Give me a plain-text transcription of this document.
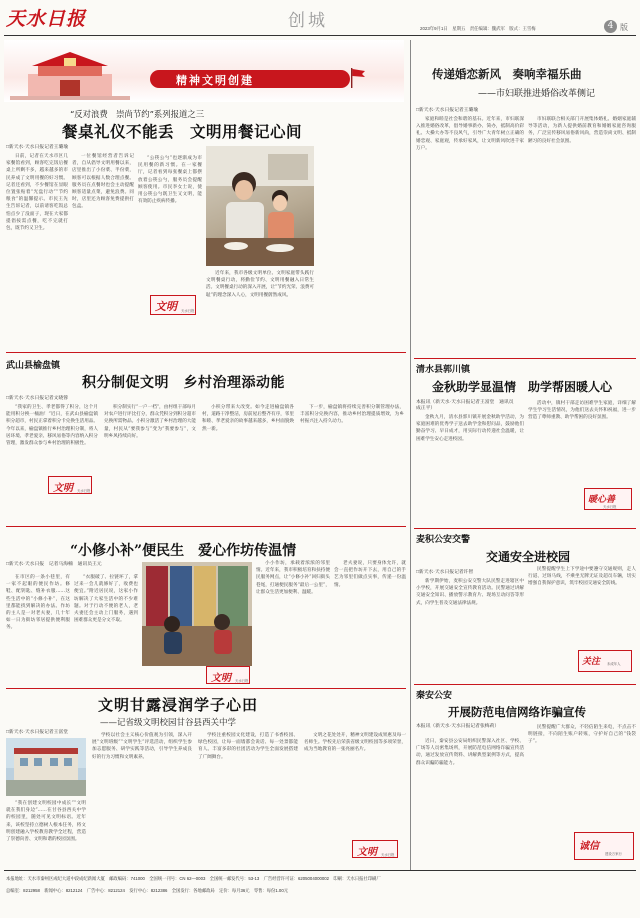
天水日报	创城	2023年9月1日　星期五　责任编辑：魏武军　版式：王雪梅	4 版
精神文明创建
“反对浪费　崇尚节约”系列报道之三
餐桌礼仪不能丢　文明用餐记心间
□新天水·天水日报记者王璐瑜

日前，记者在天水市区几家餐馆看到，顾客吃完饭后餐桌上所剩不多，越来越多的市民养成了文明用餐的好习惯。记者还看到，不少餐馆在显眼位置张贴着“光盘行动”“节约粮食”的温馨提示。市民王先生告诉记者，以前请客吃饭总怕点少了没面子，现在大家都提倡按需点餐，吃不完就打包，既节约又卫生。

一位餐馆经营者告诉记者，自从倡导文明用餐以来，店里推出了小份菜、半份菜，顾客可以根据人数合理点餐。服务员在点餐时也会主动提醒顾客适量点菜，避免浪费。同时，店里还为顾客免费提供打包盒。

“公筷公勺”也逐渐成为市民用餐的新习惯。在一家餐厅，记者看到每张餐桌上都摆放着公筷公勺，服务员会提醒顾客使用。市民李女士说，使用公筷公勺既卫生又文明，能有效防止疾病传播。

近年来，我市各级文明单位、文明家庭带头践行文明餐桌行动，将勤俭节约、文明用餐融入日常生活。文明餐桌行动的深入开展，让“节约光荣、浪费可耻”的理念深入人心，文明用餐蔚然成风。

文明 天水日报
传递婚恋新风　奏响幸福乐曲
——市妇联推进婚俗改革侧记
□新天水·天水日报记者王璐瑜

家庭和睦是社会和谐的基石。近年来，市妇联深入推进婚俗改革，倡导婚事新办、简办，抵制高价彩礼、大操大办等不良风气，引导广大青年树立正确的婚恋观、家庭观，传承好家风，让文明新风吹进千家万户。

市妇联联合相关部门开展集体婚礼、婚姻家庭辅导等活动，为新人提供婚前教育和婚姻家庭咨询服务，广泛宣传移风易俗新风尚，营造崇尚文明、抵制陋习的良好社会氛围。

武山县榆盘镇
积分制促文明　乡村治理添动能
□新天水·天水日报记者文晓蓉

“我家的卫生、孝老都得了积分，这个月能用积分换一桶油！”近日，在武山县榆盘镇积分超市，村民正拿着积分卡兑换生活用品。今年以来，榆盘镇推行乡村治理积分制，将人居环境、孝老爱亲、移风易俗等内容纳入积分管理，激发群众参与乡村治理的积极性。

积分制实行“一户一档”，由村组干部每月对农户进行评比打分，群众凭积分到积分超市兑换所需物品。小积分激活了乡村治理的大能量，村民从“要我参与”变为“我要参与”，文明乡风持续向好。

小积分带来大改变。如今走进榆盘镇各村，道路干净整洁，房前屋后整齐有序，邻里和睦、孝老爱亲的故事越来越多，乡村面貌焕然一新。

下一步，榆盘镇将持续完善积分制管理办法，丰富积分兑换内容，推动乡村治理提质增效，为乡村振兴注入持久动力。

文明 天水日报
“小修小补”便民生　爱心作坊传温情
□新天水·天水日报　记者马海楠　通讯员王元

在市区的一条小巷里，有一家不起眼的便民作坊。修鞋、配钥匙、缝补衣服……这些生活中的“小修小补”，在这里都能找到解决的办法。作坊的主人是一对老夫妻，几十年如一日为街坊邻居提供便利服务。

“衣服破了、拉链坏了，拿过来一会儿就修好了，收费也便宜。”附近居民说，这家小作坊解决了大家生活中的不少难题。对于行动不便的老人，老夫妻还会主动上门服务，遇到困难群众更是分文不取。

小小作坊，承载着浓浓的邻里情。近年来，我市积极培育和扶持便民服务网点，让“小修小补”回归街头巷尾，打通便民服务“最后一公里”，让群众生活更加便利、温暖。

老夫妻说，只要身体允许，就会一直把作坊开下去，用自己的手艺为邻里们做点实事，传递一份温情。

文明 天水日报
文明甘露浸润学子心田
——记省级文明校园甘谷县西关中学
□新天水·天水日报记者王富堂

“我在创建文明校园中成长”“文明就在我们身边”……在甘谷县西关中学的校园里，随处可见文明标语。近年来，该校坚持立德树人根本任务，将文明创建融入学校教育教学全过程，营造了崇德向善、文明和谐的校园氛围。

学校以社会主义核心价值观为引领，深入开展“文明班级”“文明学生”评选活动，组织学生参加志愿服务、研学实践等活动，引导学生养成良好的行为习惯和文明素养。

学校注重校园文化建设，打造了书香校园、绿色校园，让每一面墙都会说话、每一处景都能育人。丰富多彩的社团活动为学生全面发展搭建了广阔舞台。

文明之花处处开，精神文明建设成果惠及每一名师生。学校先后荣获省级文明校园等多项荣誉，成为当地教育的一张亮丽名片。

文明 天水日报
清水县郭川镇
金秋助学显温情　助学帮困暖人心
本报讯（新天水·天水日报记者王富堂　通讯员成正平）

金秋九月，清水县郭川镇开展金秋助学活动，为家庭困难的优秀学子送去助学金和慰问品，鼓励他们勤奋学习、早日成才，用实际行动传递社会温暖，让困难学生安心走进校园。

活动中，镇村干部走访困难学生家庭，详细了解学生学习生活情况，为他们送去关怀和祝福，进一步营造了尊师重教、助学帮困的良好氛围。

暖心善
天水日报
麦积公安交警
交通安全进校园
□新天水·天水日报记者许智

新学期伊始，麦积公安交警大队民警走进辖区中小学校，开展交通安全宣传教育活动。民警通过讲解交通安全知识、播放警示教育片、现场互动问答等形式，向学生普及交通法律法规。

民警提醒学生上下学途中要遵守交通规则，走人行道、过斑马线，不乘坐无牌无证及超员车辆，切实增强自我保护意识，筑牢校园交通安全防线。

关注 未成年人
秦安公安
开展防范电信网络诈骗宣传
本报讯（新天水·天水日报记者张梅莉）

近日，秦安县公安局组织民警深入社区、学校、广场等人员密集场所，开展防范电信网络诈骗宣传活动，通过发放宣传资料、讲解典型案例等方式，提高群众识骗防骗能力。

民警提醒广大群众，不轻信陌生来电，不点击不明链接，不向陌生账户转账，守护好自己的“钱袋子”。

诚信
建设万家行
本报地址：天水市秦州区成纪大道中段成纪新闻大厦　邮政编码：741000　全国统一刊号：CN 62—0003　全国统一邮发代号：53-13　广告经营许可证：6205004000002　印刷：天水日报社印刷厂
总编室：8212958　新闻中心：8212124　广告中心：8212124　发行中心：8212386　全国发行：各地邮政局　定价：每月36元　零售：每份1.00元
